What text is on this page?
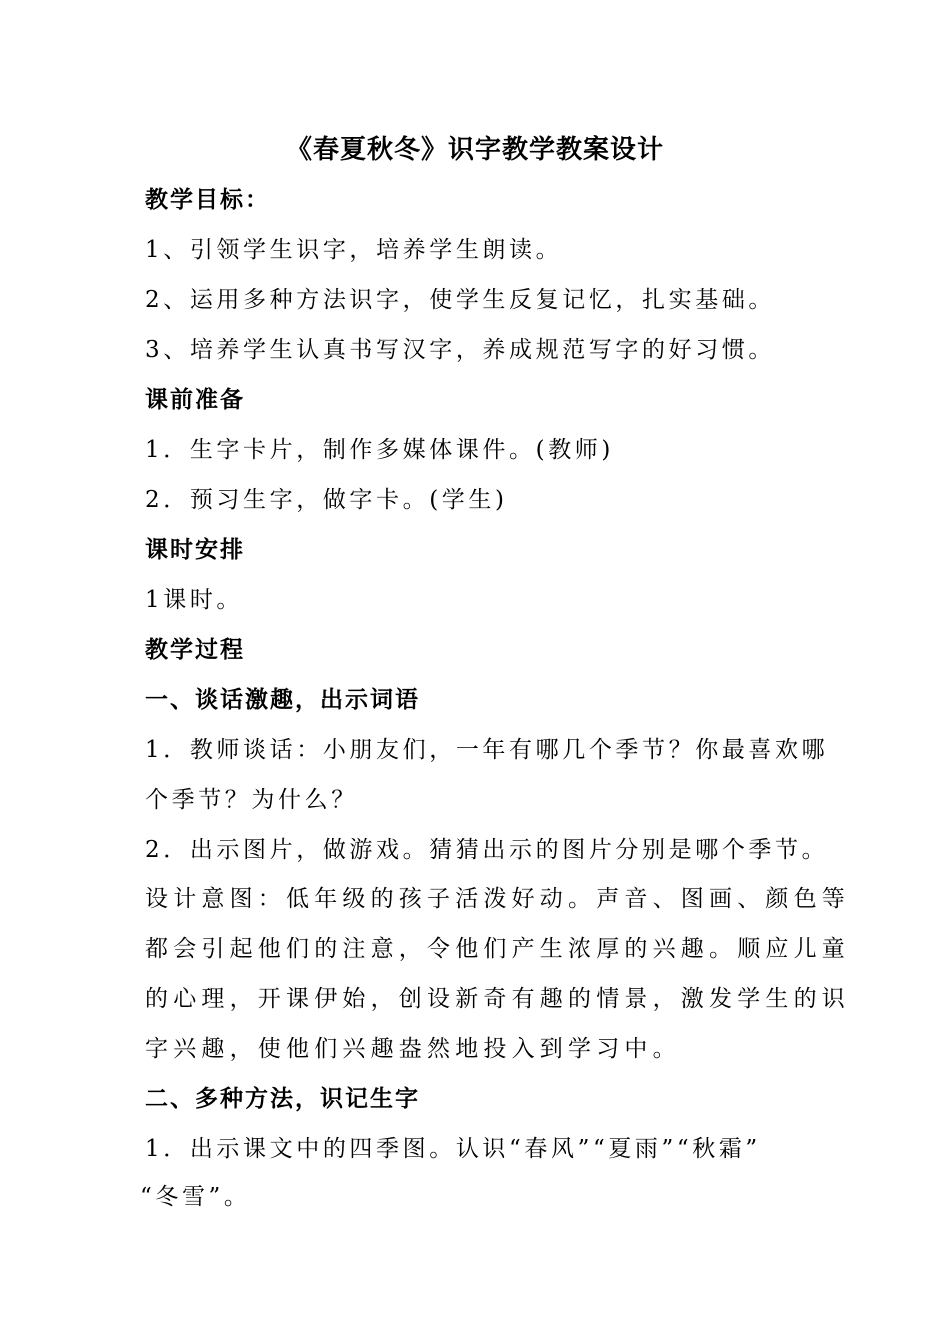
《春夏秋冬》识字教学教案设计
教学目标：
1、引领学生识字，培养学生朗读。
2、运用多种方法识字，使学生反复记忆，扎实基础。
3、培养学生认真书写汉字，养成规范写字的好习惯。
课前准备
1．生字卡片，制作多媒体课件。(教师)
2．预习生字，做字卡。(学生)
课时安排
1课时。
教学过程
一、谈话激趣，出示词语
1．教师谈话：小朋友们，一年有哪几个季节？你最喜欢哪
个季节？为什么？
2．出示图片，做游戏。猜猜出示的图片分别是哪个季节。
设计意图：低年级的孩子活泼好动。声音、图画、颜色等
都会引起他们的注意，令他们产生浓厚的兴趣。顺应儿童
的心理，开课伊始，创设新奇有趣的情景，激发学生的识
字兴趣，使他们兴趣盎然地投入到学习中。
二、多种方法，识记生字
1．出示课文中的四季图。认识“春风”“夏雨”“秋霜”
“冬雪”。
